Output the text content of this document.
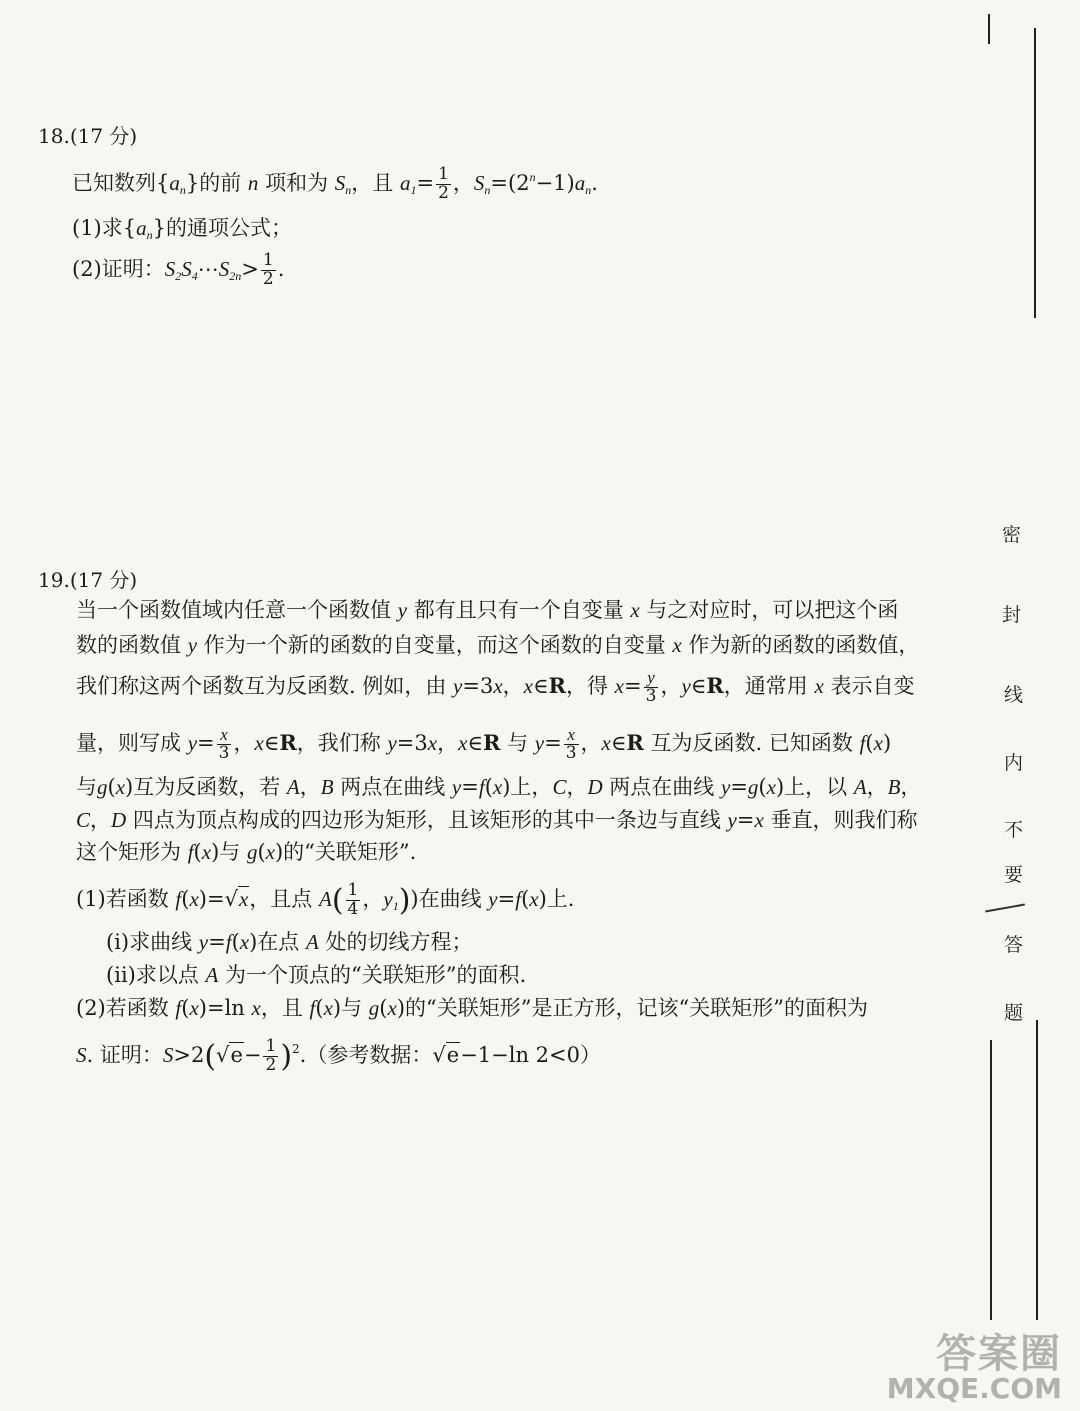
18.(17 分)
已知数列$\{a_n\}$的前 n 项和为 $S_n$，且 $a_1= \frac{1}{2}$ ，$S_n=(2^n-1)a_n$.
(1)求$\{a_n\}$的通项公式；
(2)证明：$S_2S_4\cdots S_{2n}> \frac{1}{2}$ .
19.(17 分)
当一个函数值域内任意一个函数值 y 都有且只有一个自变量 x 与之对应时，可以把这个函
数的函数值 y 作为一个新的函数的自变量，而这个函数的自变量 x 作为新的函数的函数值，
我们称这两个函数互为反函数. 例如，由 y=3x，x∈R，得 $x= \frac{y}{3}$ ，y∈R，通常用 x 表示自变
量，则写成 $y= \frac{x}{3}$ ，x∈R，我们称 y=3x，x∈R 与 $y= \frac{x}{3}$ ，x∈R 互为反函数. 已知函数 f(x)
与g(x)互为反函数，若 A，B 两点在曲线 y=f(x)上，C，D 两点在曲线 y=g(x)上，以 A，B，
C，D 四点为顶点构成的四边形为矩形，且该矩形的其中一条边与直线 y=x 垂直，则我们称
这个矩形为 f(x)与 g(x)的“关联矩形”.
(1)若函数 f(x)=√x，且点 $A( \frac{1}{4}$ ，$y_1$))在曲线 y=f(x)上.
(ⅰ)求曲线 y=f(x)在点 A 处的切线方程；
(ⅱ)求以点 A 为一个顶点的“关联矩形”的面积.
(2)若函数 f(x)=ln x，且 f(x)与 g(x)的“关联矩形”是正方形，记该“关联矩形”的面积为
S. 证明：$S>2(√e- \frac{1}{2} )^2$.（参考数据：√e−1−ln 2<0）
密
封
线
内
不
要
答
题
答案圈
MXQE.COM
